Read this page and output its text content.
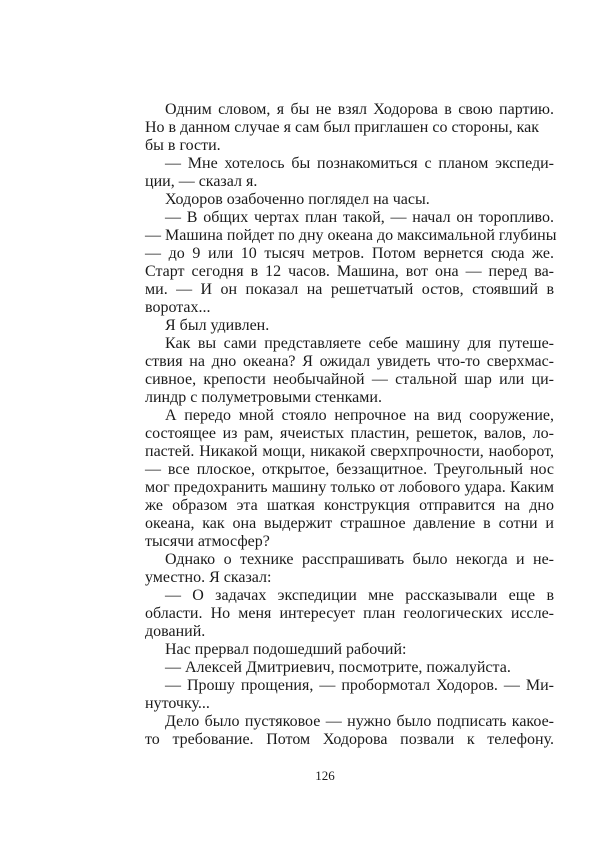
Одним словом, я бы не взял Ходорова в свою партию.
Но в данном случае я сам был приглашен со стороны, как
бы в гости.
— Мне хотелось бы познакомиться с планом экспеди-
ции, — сказал я.
Ходоров озабоченно поглядел на часы.
— В общих чертах план такой, — начал он торопливо.
— Машина пойдет по дну океана до максимальной глубины
— до 9 или 10 тысяч метров. Потом вернется сюда же.
Старт сегодня в 12 часов. Машина, вот она — перед ва-
ми. — И он показал на решетчатый остов, стоявший в
воротах...
Я был удивлен.
Как вы сами представляете себе машину для путеше-
ствия на дно океана? Я ожидал увидеть что-то сверхмас-
сивное, крепости необычайной — стальной шар или ци-
линдр с полуметровыми стенками.
А передо мной стояло непрочное на вид сооружение,
состоящее из рам, ячеистых пластин, решеток, валов, ло-
пастей. Никакой мощи, никакой сверхпрочности, наоборот,
— все плоское, открытое, беззащитное. Треугольный нос
мог предохранить машину только от лобового удара. Каким
же образом эта шаткая конструкция отправится на дно
океана, как она выдержит страшное давление в сотни и
тысячи атмосфер?
Однако о технике расспрашивать было некогда и не-
уместно. Я сказал:
— О задачах экспедиции мне рассказывали еще в
области. Но меня интересует план геологических иссле-
дований.
Нас прервал подошедший рабочий:
— Алексей Дмитриевич, посмотрите, пожалуйста.
— Прошу прощения, — пробормотал Ходоров. — Ми-
нуточку...
Дело было пустяковое — нужно было подписать какое-
то требование. Потом Ходорова позвали к телефону.
126
